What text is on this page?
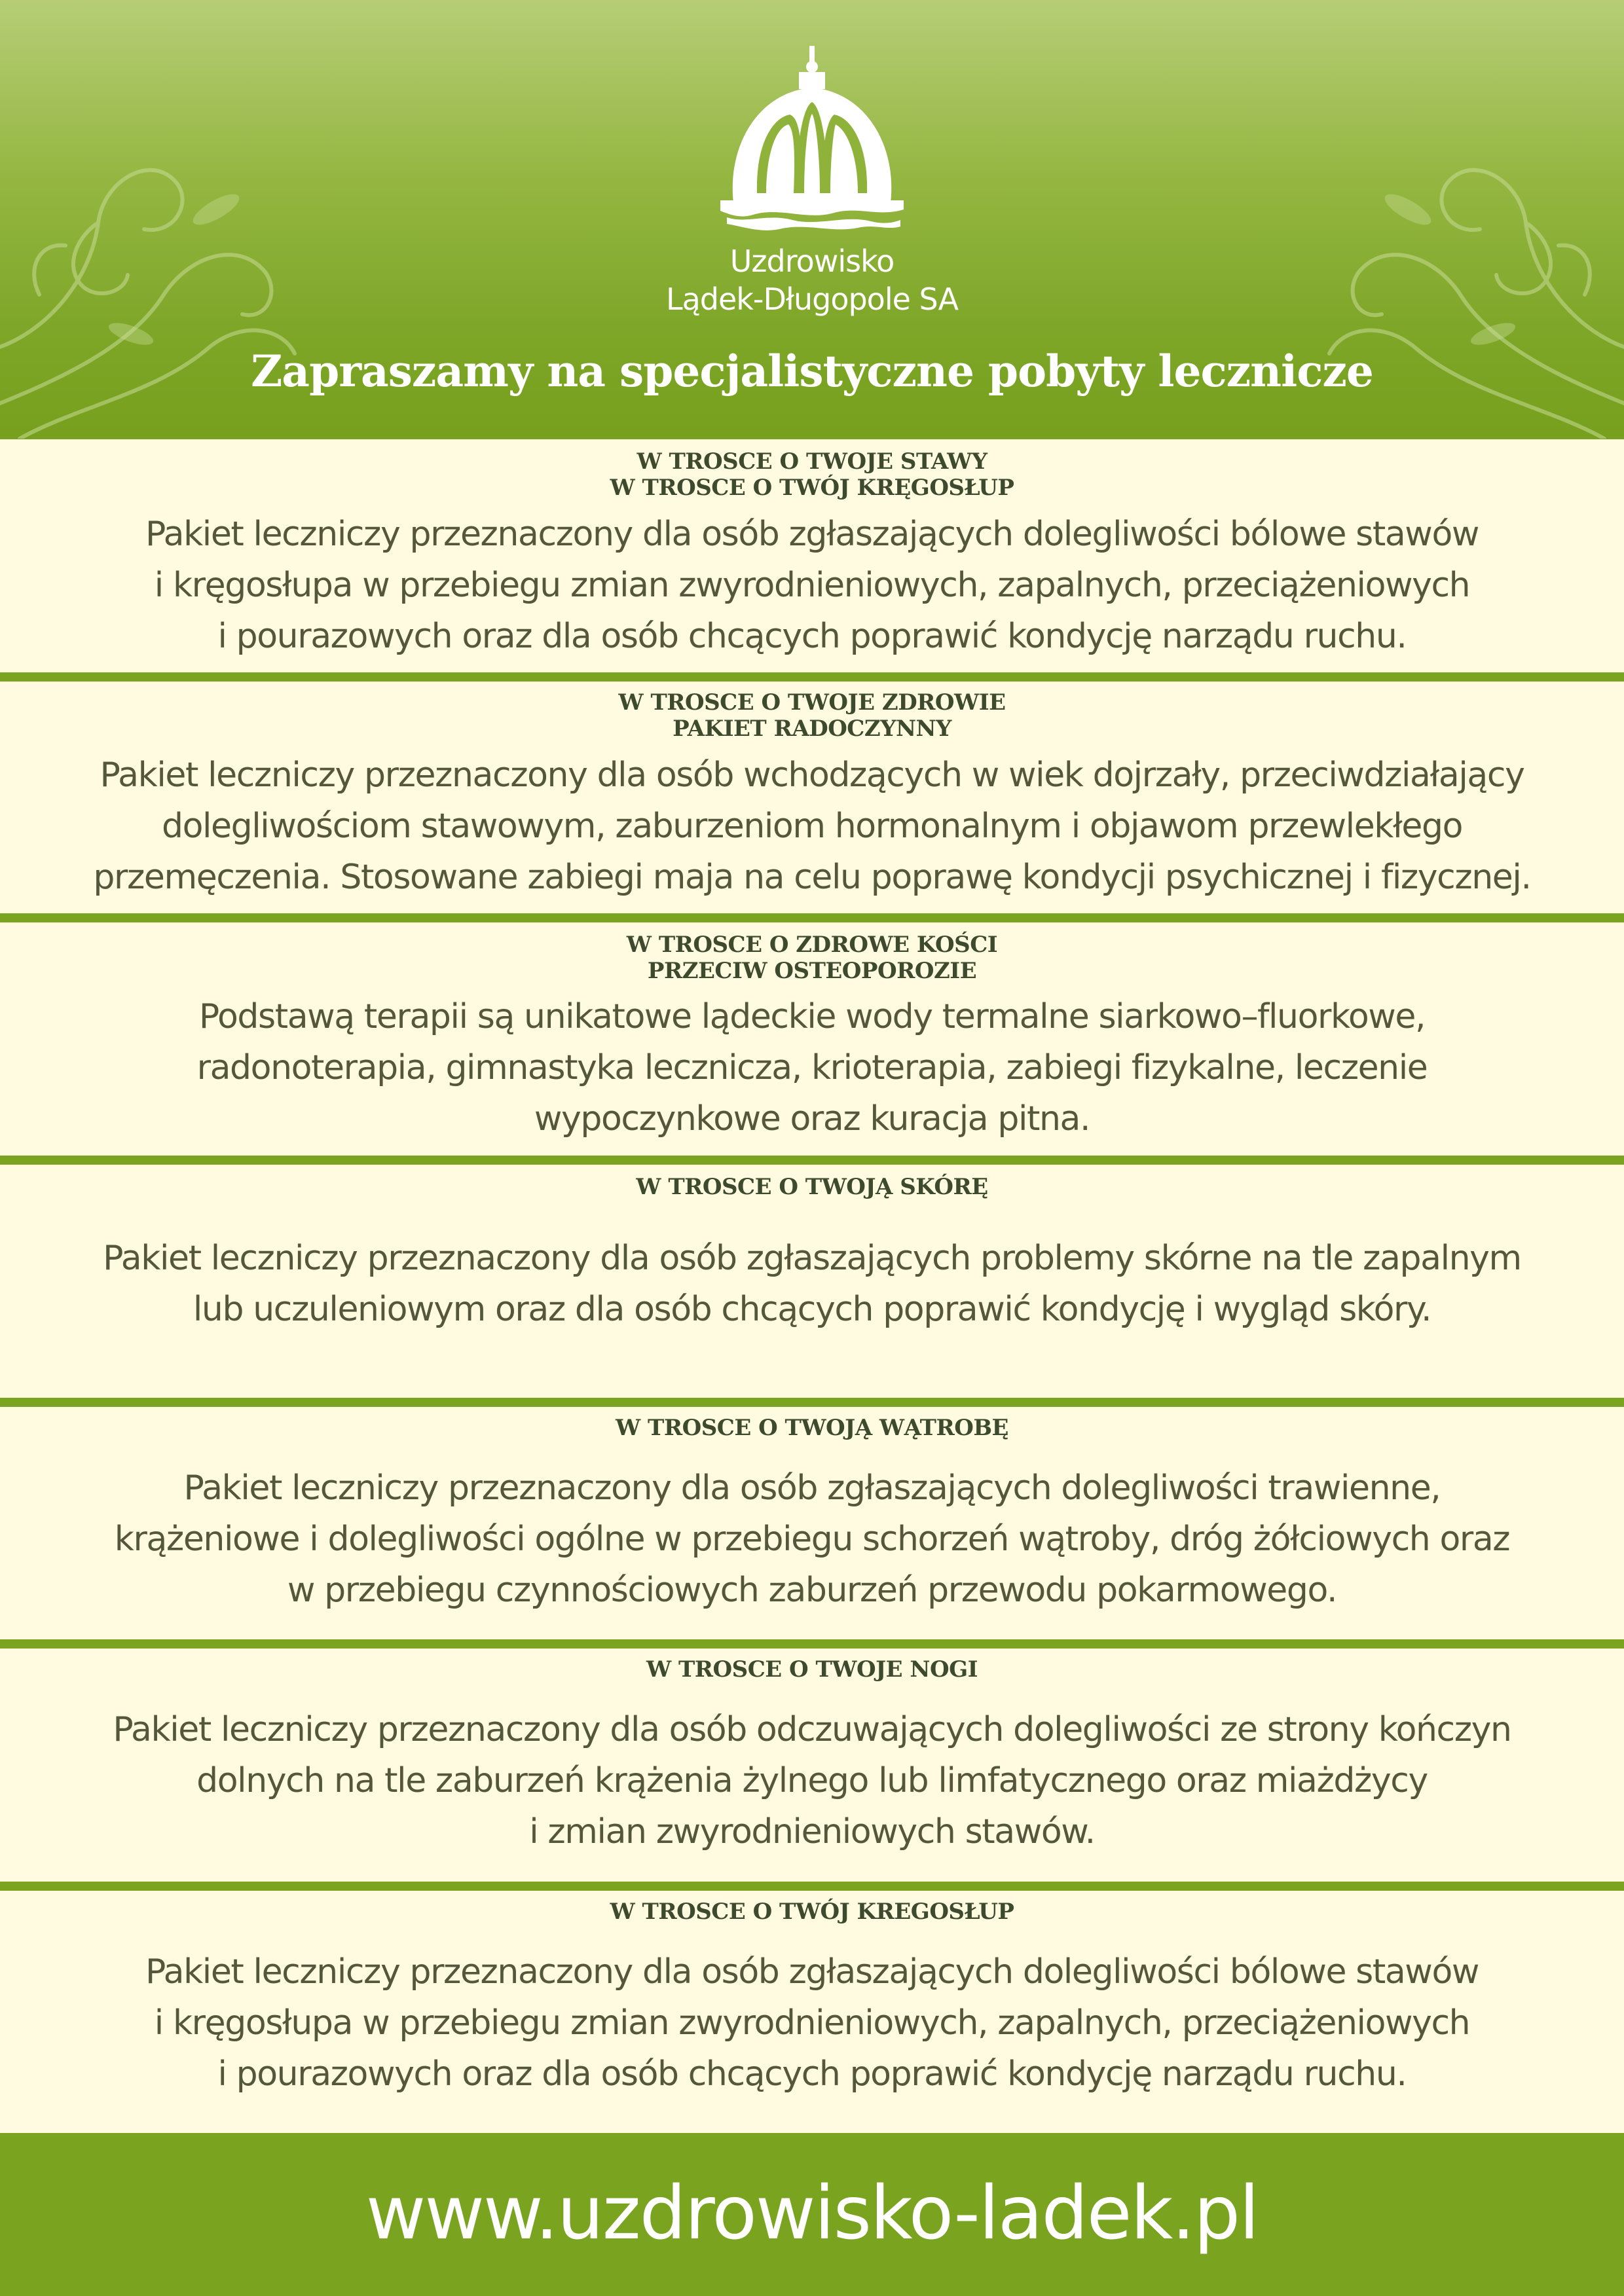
Uzdrowisko
Lądek-Długopole SA
Zapraszamy na specjalistyczne pobyty lecznicze
W TROSCE O TWOJE STAWY
W TROSCE O TWÓJ KRĘGOSŁUP
Pakiet leczniczy przeznaczony dla osób zgłaszających dolegliwości bólowe stawów
i kręgosłupa w przebiegu zmian zwyrodnieniowych, zapalnych, przeciążeniowych
i pourazowych oraz dla osób chcących poprawić kondycję narządu ruchu.
W TROSCE O TWOJE ZDROWIE
PAKIET RADOCZYNNY
Pakiet leczniczy przeznaczony dla osób wchodzących w wiek dojrzały, przeciwdziałający
dolegliwościom stawowym, zaburzeniom hormonalnym i objawom przewlekłego
przemęczenia. Stosowane zabiegi maja na celu poprawę kondycji psychicznej i fizycznej.
W TROSCE O ZDROWE KOŚCI
PRZECIW OSTEOPOROZIE
Podstawą terapii są unikatowe lądeckie wody termalne siarkowo–fluorkowe,
radonoterapia, gimnastyka lecznicza, krioterapia, zabiegi fizykalne, leczenie
wypoczynkowe oraz kuracja pitna.
W TROSCE O TWOJĄ SKÓRĘ
Pakiet leczniczy przeznaczony dla osób zgłaszających problemy skórne na tle zapalnym
lub uczuleniowym oraz dla osób chcących poprawić kondycję i wygląd skóry.
W TROSCE O TWOJĄ WĄTROBĘ
Pakiet leczniczy przeznaczony dla osób zgłaszających dolegliwości trawienne,
krążeniowe i dolegliwości ogólne w przebiegu schorzeń wątroby, dróg żółciowych oraz
w przebiegu czynnościowych zaburzeń przewodu pokarmowego.
W TROSCE O TWOJE NOGI
Pakiet leczniczy przeznaczony dla osób odczuwających dolegliwości ze strony kończyn
dolnych na tle zaburzeń krążenia żylnego lub limfatycznego oraz miażdżycy
i zmian zwyrodnieniowych stawów.
W TROSCE O TWÓJ KREGOSŁUP
Pakiet leczniczy przeznaczony dla osób zgłaszających dolegliwości bólowe stawów
i kręgosłupa w przebiegu zmian zwyrodnieniowych, zapalnych, przeciążeniowych
i pourazowych oraz dla osób chcących poprawić kondycję narządu ruchu.
www.uzdrowisko-ladek.pl
